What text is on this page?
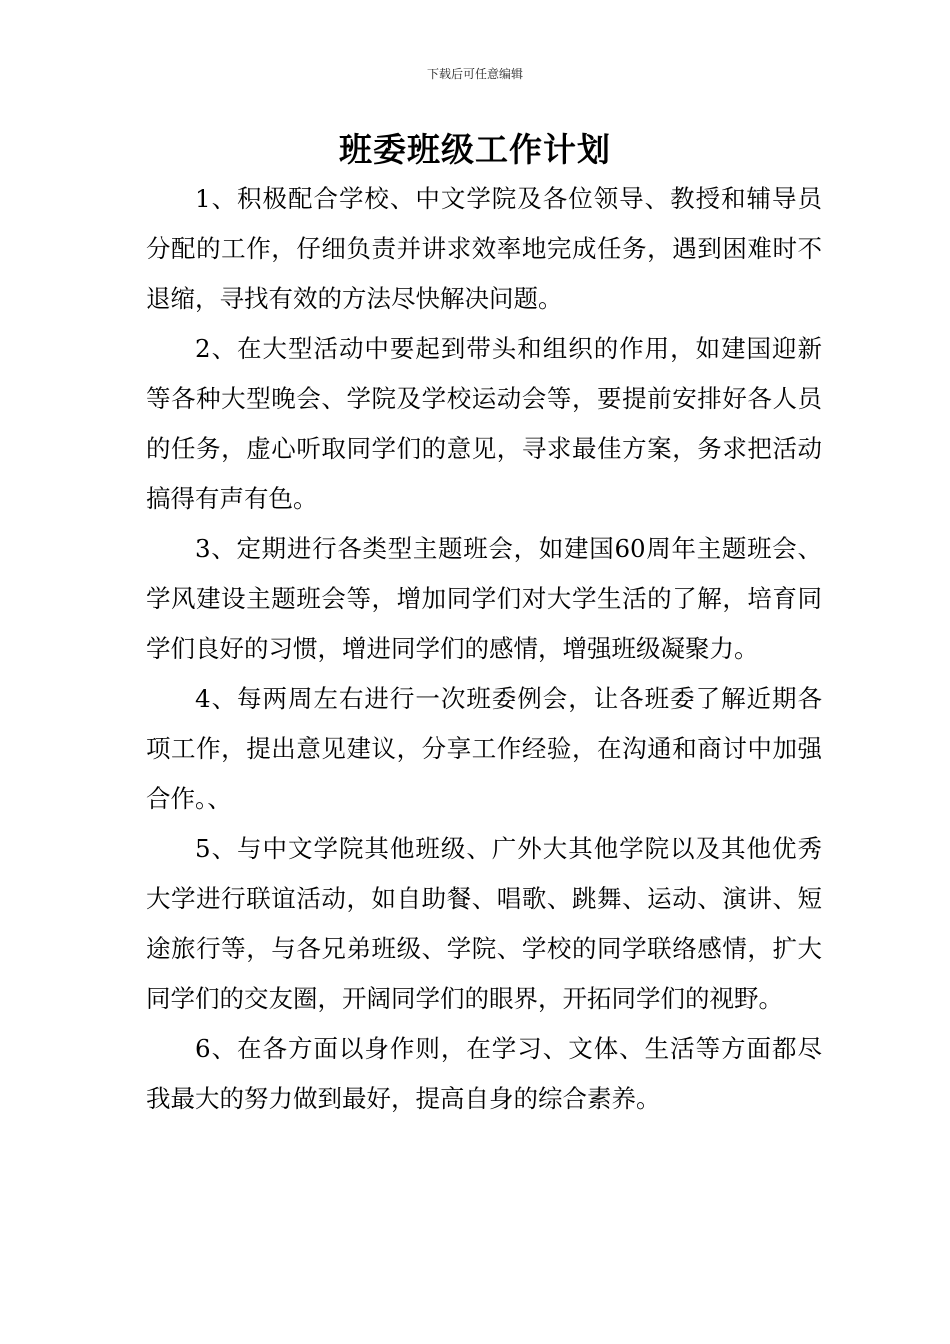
下载后可任意编辑
班委班级工作计划

1、积极配合学校、中文学院及各位领导、教授和辅导员分配的工作，仔细负责并讲求效率地完成任务，遇到困难时不退缩，寻找有效的方法尽快解决问题。

2、在大型活动中要起到带头和组织的作用，如建国迎新等各种大型晚会、学院及学校运动会等，要提前安排好各人员的任务，虚心听取同学们的意见，寻求最佳方案，务求把活动搞得有声有色。

3、定期进行各类型主题班会，如建国60周年主题班会、学风建设主题班会等，增加同学们对大学生活的了解，培育同学们良好的习惯，增进同学们的感情，增强班级凝聚力。

4、每两周左右进行一次班委例会，让各班委了解近期各项工作，提出意见建议，分享工作经验，在沟通和商讨中加强合作。、

5、与中文学院其他班级、广外大其他学院以及其他优秀大学进行联谊活动，如自助餐、唱歌、跳舞、运动、演讲、短途旅行等，与各兄弟班级、学院、学校的同学联络感情，扩大同学们的交友圈，开阔同学们的眼界，开拓同学们的视野。

6、在各方面以身作则，在学习、文体、生活等方面都尽我最大的努力做到最好，提高自身的综合素养。
